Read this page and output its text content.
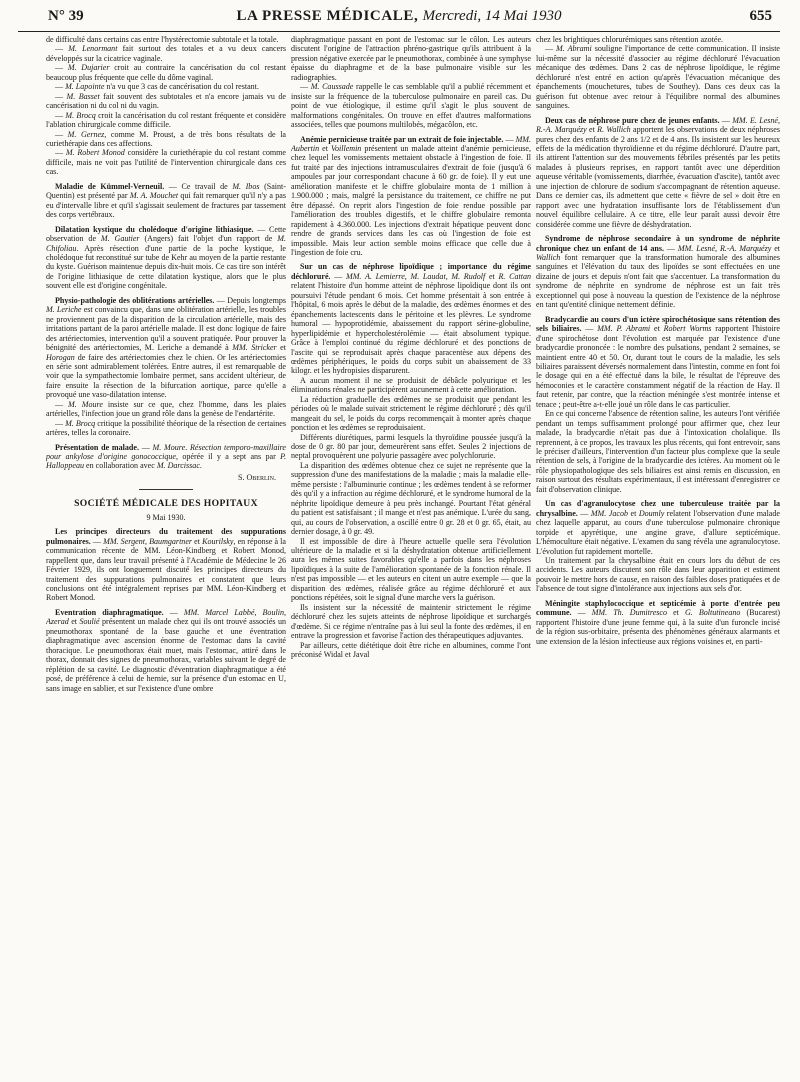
N° 39	LA PRESSE MÉDICALE, Mercredi, 14 Mai 1930	655

de difficulté dans certains cas entre l'hystérectomie subtotale et la totale.

— M. Lenormant fait surtout des totales et a vu deux cancers développés sur la cicatrice vaginale.

— M. Dujarier croit au contraire la cancérisation du col restant beaucoup plus fréquente que celle du dôme vaginal.

— M. Lapointe n'a vu que 3 cas de cancérisation du col restant.

— M. Basset fait souvent des subtotales et n'a encore jamais vu de cancérisation ni du col ni du vagin.

— M. Brocq croit la cancérisation du col restant fréquente et considère l'ablation chirurgicale comme difficile.

— M. Gernez, comme M. Proust, a de très bons résultats de la curiethérapie dans ces affections.

— M. Robert Monod considère la curiethérapie du col restant comme difficile, mais ne voit pas l'utilité de l'intervention chirurgicale dans ces cas.

Maladie de Kümmel-Verneuil. — Ce travail de M. Ibos (Saint-Quentin) est présenté par M. A. Mouchet qui fait remarquer qu'il n'y a pas eu d'intervalle libre et qu'il s'agissait seulement de fractures par tassement des corps vertébraux.

Dilatation kystique du cholédoque d'origine lithiasique. — Cette observation de M. Gautier (Angers) fait l'objet d'un rapport de M. Chifoliau. Après résection d'une partie de la poche kystique, le cholédoque fut reconstitué sur tube de Kehr au moyen de la partie restante du kyste. Guérison maintenue depuis dix-huit mois. Ce cas tire son intérêt de l'origine lithiasique de cette dilatation kystique, alors que le plus souvent elle est d'origine congénitale.

Physio-pathologie des oblitérations artérielles. — Depuis longtemps M. Leriche est convaincu que, dans une oblitération artérielle, les troubles ne proviennent pas de la disparition de la circulation artérielle, mais des irritations partant de la paroi artérielle malade. Il est donc logique de faire des artériectomies, intervention qu'il a souvent pratiquée. Pour prouver la bénignité des artériectomies, M. Leriche a demandé à MM. Stricker et Horogan de faire des artériectomies chez le chien. Or les artériectomies en série sont admirablement tolérées. Entre autres, il est remarquable de voir que la sympathectomie lombaire permet, sans accident ultérieur, de faire ensuite la résection de la bifurcation aortique, parce qu'elle a provoqué une vaso-dilatation intense.

— M. Moure insiste sur ce que, chez l'homme, dans les plaies artérielles, l'infection joue un grand rôle dans la genèse de l'endartérite.

— M. Brocq critique la possibilité théorique de la résection de certaines artères, telles la coronaire.

Présentation de malade. — M. Moure. Résection temporo-maxillaire pour ankylose d'origine gonococcique, opérée il y a sept ans par P. Halloppeau en collaboration avec M. Darcissac.

S. Oberlin.

SOCIÉTÉ MÉDICALE DES HOPITAUX

9 Mai 1930.

Les principes directeurs du traitement des suppurations pulmonaires. — MM. Sergent, Baumgartner et Kourilsky, en réponse à la communication récente de MM. Léon-Kindberg et Robert Monod, rappellent que, dans leur travail présenté à l'Académie de Médecine le 26 Février 1929, ils ont longuement discuté les principes directeurs du traitement des suppurations pulmonaires et constatent que leurs conclusions ont été intégralement reprises par MM. Léon-Kindberg et Robert Monod.

Eventration diaphragmatique. — MM. Marcel Labbé, Boulin, Azerad et Soulié présentent un malade chez qui ils ont trouvé associés un pneumothorax spontané de la base gauche et une éventration diaphragmatique avec ascension énorme de l'estomac dans la cavité thoracique. Le pneumothorax était muet, mais l'estomac, attiré dans le thorax, donnait des signes de pneumothorax, variables suivant le degré de réplétion de sa cavité. Le diagnostic d'éventration diaphragmatique a été posé, de préférence à celui de hernie, sur la présence d'un estomac en U, sans image en sablier, et sur l'existence d'une ombre

diaphragmatique passant en pont de l'estomac sur le côlon. Les auteurs discutent l'origine de l'attraction phréno-gastrique qu'ils attribuent à la pression négative exercée par le pneumothorax, combinée à une symphyse épaisse du diaphragme et de la base pulmonaire visible sur les radiographies.

— M. Caussade rappelle le cas semblable qu'il a publié récemment et insiste sur la fréquence de la tuberculose pulmonaire en pareil cas. Du point de vue étiologique, il estime qu'il s'agit le plus souvent de malformations congénitales. On trouve en effet d'autres malformations associées, telles que poumons multilobés, mégacôlon, etc.

Anémie pernicieuse traitée par un extrait de foie injectable. — MM. Aubertin et Voillemin présentent un malade atteint d'anémie pernicieuse, chez lequel les vomissements mettaient obstacle à l'ingestion de foie. Il fut traité par des injections intramusculaires d'extrait de foie (jusqu'à 6 ampoules par jour correspondant chacune à 60 gr. de foie). Il y eut une amélioration manifeste et le chiffre globulaire monta de 1 million à 1.900.000 ; mais, malgré la persistance du traitement, ce chiffre ne put être dépassé. On reprit alors l'ingestion de foie rendue possible par l'amélioration des troubles digestifs, et le chiffre globulaire remonta rapidement à 4.360.000. Les injections d'extrait hépatique peuvent donc rendre de grands services dans les cas où l'ingestion de foie est impossible. Mais leur action semble moins efficace que celle due à l'ingestion de foie cru.

Sur un cas de néphrose lipoïdique ; importance du régime déchloruré. — MM. A. Lemierre, M. Laudat, M. Rudolf et R. Cattan relatent l'histoire d'un homme atteint de néphrose lipoïdique dont ils ont poursuivi l'étude pendant 6 mois. Cet homme présentait à son entrée à l'hôpital, 6 mois après le début de la maladie, des œdèmes énormes et des épanchements lactescents dans le péritoine et les plèvres. Le syndrome humoral — hypoprotidémie, abaissement du rapport sérine-globuline, hyperlipidémie et hypercholestérolémie — était absolument typique. Grâce à l'emploi continué du régime déchloruré et des ponctions de l'ascite qui se reproduisait après chaque paracentèse aux dépens des œdèmes périphériques, le poids du corps subit un abaissement de 33 kilogr. et les hydropisies disparurent.

A aucun moment il ne se produisit de débâcle polyurique et les éliminations rénales ne participèrent aucunement à cette amélioration.

La réduction graduelle des œdèmes ne se produisit que pendant les périodes où le malade suivait strictement le régime déchloruré ; dès qu'il mangeait du sel, le poids du corps recommençait à monter après chaque ponction et les œdèmes se reproduisaient.

Différents diurétiques, parmi lesquels la thyroïdine poussée jusqu'à la dose de 0 gr. 80 par jour, demeurèrent sans effet. Seules 2 injections de neptal provoquèrent une polyurie passagère avec polychlorurie.

La disparition des œdèmes obtenue chez ce sujet ne représente que la suppression d'une des manifestations de la maladie ; mais la maladie elle-même persiste : l'albuminurie continue ; les œdèmes tendent à se reformer dès qu'il y a infraction au régime déchloruré, et le syndrome humoral de la néphrite lipoïdique demeure à peu près inchangé. Pourtant l'état général du patient est satisfaisant ; il mange et n'est pas anémique. L'urée du sang, qui, au cours de l'observation, a oscillé entre 0 gr. 28 et 0 gr. 65, était, au dernier dosage, à 0 gr. 49.

Il est impossible de dire à l'heure actuelle quelle sera l'évolution ultérieure de la maladie et si la déshydratation obtenue artificiellement aura les mêmes suites favorables qu'elle a parfois dans les néphroses lipoïdiques à la suite de l'amélioration spontanée de la fonction rénale. Il n'est pas impossible — et les auteurs en citent un autre exemple — que la disparition des œdèmes, réalisée grâce au régime déchloruré et aux ponctions répétées, soit le signal d'une marche vers la guérison.

Ils insistent sur la nécessité de maintenir strictement le régime déchloruré chez les sujets atteints de néphrose lipoïdique et surchargés d'œdème. Si ce régime n'entraîne pas à lui seul la fonte des œdèmes, il en entrave la progression et favorise l'action des thérapeutiques adjuvantes.

Par ailleurs, cette diététique doit être riche en albumines, comme l'ont préconisé Widal et Javal

chez les brightiques chlorurémiques sans rétention azotée.

— M. Abrami souligne l'importance de cette communication. Il insiste lui-même sur la nécessité d'associer au régime déchloruré l'évacuation mécanique des œdèmes. Dans 2 cas de néphrose lipoïdique, le régime déchloruré n'est entré en action qu'après l'évacuation mécanique des épanchements (mouchetures, tubes de Southey). Dans ces deux cas la guérison fut obtenue avec retour à l'équilibre normal des albumines sanguines.

Deux cas de néphrose pure chez de jeunes enfants. — MM. E. Lesné, R.-A. Marquézy et R. Wallich apportent les observations de deux néphroses pures chez des enfants de 2 ans 1/2 et de 4 ans. Ils insistent sur les heureux effets de la médication thyroïdienne et du régime déchloruré. D'autre part, ils attirent l'attention sur des mouvements fébriles présentés par les petits malades à plusieurs reprises, en rapport tantôt avec une déperdition aqueuse véritable (vomissements, diarrhée, évacuation d'ascite), tantôt avec une injection de chlorure de sodium s'accompagnant de rétention aqueuse. Dans ce dernier cas, ils admettent que cette « fièvre de sel » doit être en rapport avec une hydratation insuffisante lors de l'établissement d'un nouvel équilibre cellulaire. A ce titre, elle leur paraît aussi devoir être considérée comme une fièvre de déshydratation.

Syndrome de néphrose secondaire à un syndrome de néphrite chronique chez un enfant de 14 ans. — MM. Lesné, R.-A. Marquézy et Wallich font remarquer que la transformation humorale des albumines sanguines et l'élévation du taux des lipoïdes se sont effectuées en une dizaine de jours et depuis n'ont fait que s'accentuer. La transformation du syndrome de néphrite en syndrome de néphrose est un fait très exceptionnel qui pose à nouveau la question de l'existence de la néphrose en tant qu'entité clinique nettement définie.

Bradycardie au cours d'un ictère spirochétosique sans rétention des sels biliaires. — MM. P. Abrami et Robert Worms rapportent l'histoire d'une spirochétose dont l'évolution est marquée par l'existence d'une bradycardie prononcée : le nombre des pulsations, pendant 2 semaines, se maintient entre 40 et 50. Or, durant tout le cours de la maladie, les sels biliaires paraissent déversés normalement dans l'intestin, comme en font foi le dosage qui en a été effectué dans la bile, le résultat de l'épreuve des hémoconies et le caractère constamment négatif de la réaction de Hay. Il faut retenir, par contre, que la réaction méningée s'est montrée intense et tenace ; peut-être a-t-elle joué un rôle dans le cas particulier.

En ce qui concerne l'absence de rétention saline, les auteurs l'ont vérifiée pendant un temps suffisamment prolongé pour affirmer que, chez leur malade, la bradycardie n'était pas due à l'intoxication cholalique. Ils reprennent, à ce propos, les travaux les plus récents, qui font entrevoir, sans le préciser d'ailleurs, l'intervention d'un facteur plus complexe que la seule rétention de sels, à l'origine de la bradycardie des ictères. Au moment où le rôle physiopathologique des sels biliaires est ainsi remis en discussion, en raison surtout des résultats expérimentaux, il est intéressant d'enregistrer ce fait d'observation clinique.

Un cas d'agranulocytose chez une tuberculeuse traitée par la chrysalbine. — MM. Jacob et Doumly relatent l'observation d'une malade chez laquelle apparut, au cours d'une tuberculose pulmonaire chronique torpide et apyrétique, une angine grave, d'allure septicémique. L'hémoculture était négative. L'examen du sang révéla une agranulocytose. L'évolution fut rapidement mortelle.

Un traitement par la chrysalbine était en cours lors du début de ces accidents. Les auteurs discutent son rôle dans leur apparition et estiment pouvoir le mettre hors de cause, en raison des faibles doses pratiquées et de l'absence de tout signe d'intolérance aux injections aux sels d'or.

Méningite staphylococcique et septicémie à porte d'entrée peu commune. — MM. Th. Dumitresco et G. Boltutineano (Bucarest) rapportent l'histoire d'une jeune femme qui, à la suite d'un furoncle incisé de la région sus-orbitaire, présenta des phénomènes généraux alarmants et une extension de la lésion infectieuse aux régions voisines et, en parti-
